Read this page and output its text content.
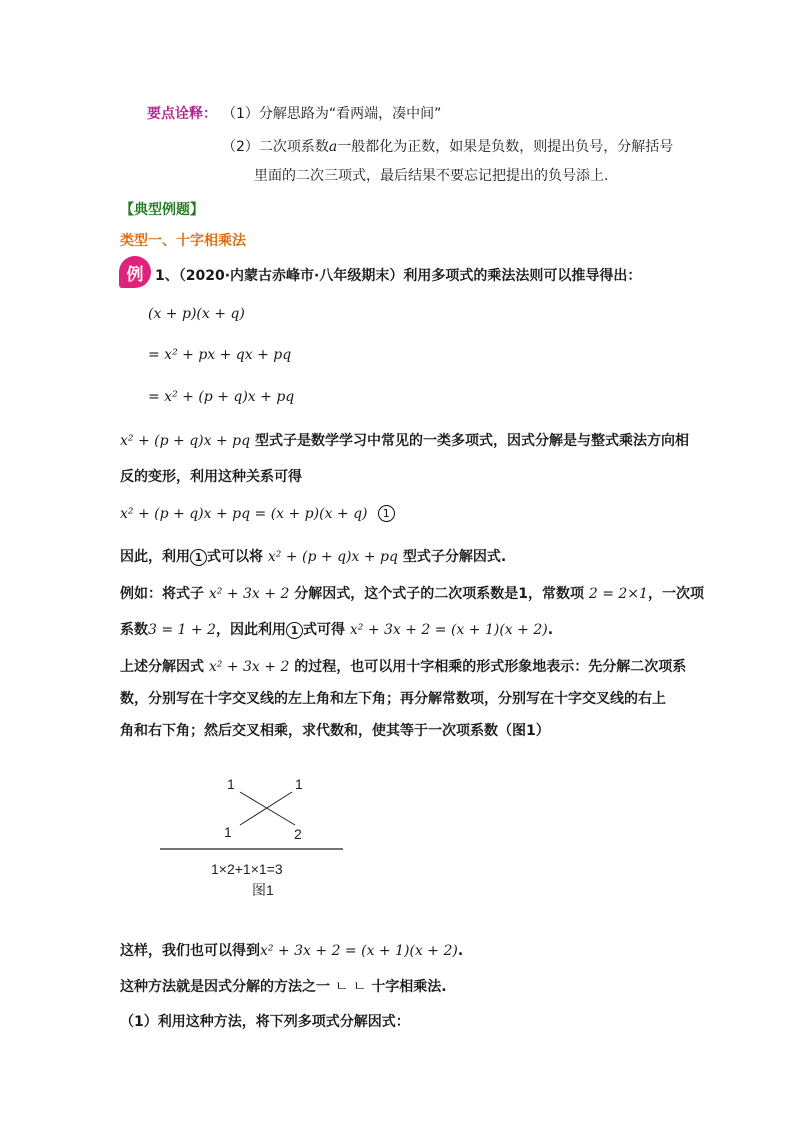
要点诠释： （1）分解思路为“看两端，凑中间”
（2）二次项系数a一般都化为正数，如果是负数，则提出负号，分解括号
里面的二次三项式，最后结果不要忘记把提出的负号添上.
【典型例题】
类型一、十字相乘法
例 1、（2020·内蒙古赤峰市·八年级期末）利用多项式的乘法法则可以推导得出：
(x + p)(x + q)
= x² + px + qx + pq
= x² + (p + q)x + pq
x² + (p + q)x + pq 型式子是数学学习中常见的一类多项式，因式分解是与整式乘法方向相
反的变形，利用这种关系可得
x² + (p + q)x + pq = (x + p)(x + q) 1
因此，利用 1 式可以将 x² + (p + q)x + pq 型式子分解因式.
例如：将式子 x² + 3x + 2 分解因式，这个式子的二次项系数是1，常数项 2 = 2×1，一次项
系数3 = 1 + 2，因此利用 1 式可得 x² + 3x + 2 = (x + 1)(x + 2).
上述分解因式 x² + 3x + 2 的过程，也可以用十字相乘的形式形象地表示：先分解二次项系
数，分别写在十字交叉线的左上角和左下角；再分解常数项，分别写在十字交叉线的右上
角和右下角；然后交叉相乘，求代数和，使其等于一次项系数（图1）
1	1
1	2
1×2+1×1=3
图1
这样，我们也可以得到x² + 3x + 2 = (x + 1)(x + 2).
这种方法就是因式分解的方法之一 ㄴ ㄴ 十字相乘法.
（1）利用这种方法，将下列多项式分解因式：
